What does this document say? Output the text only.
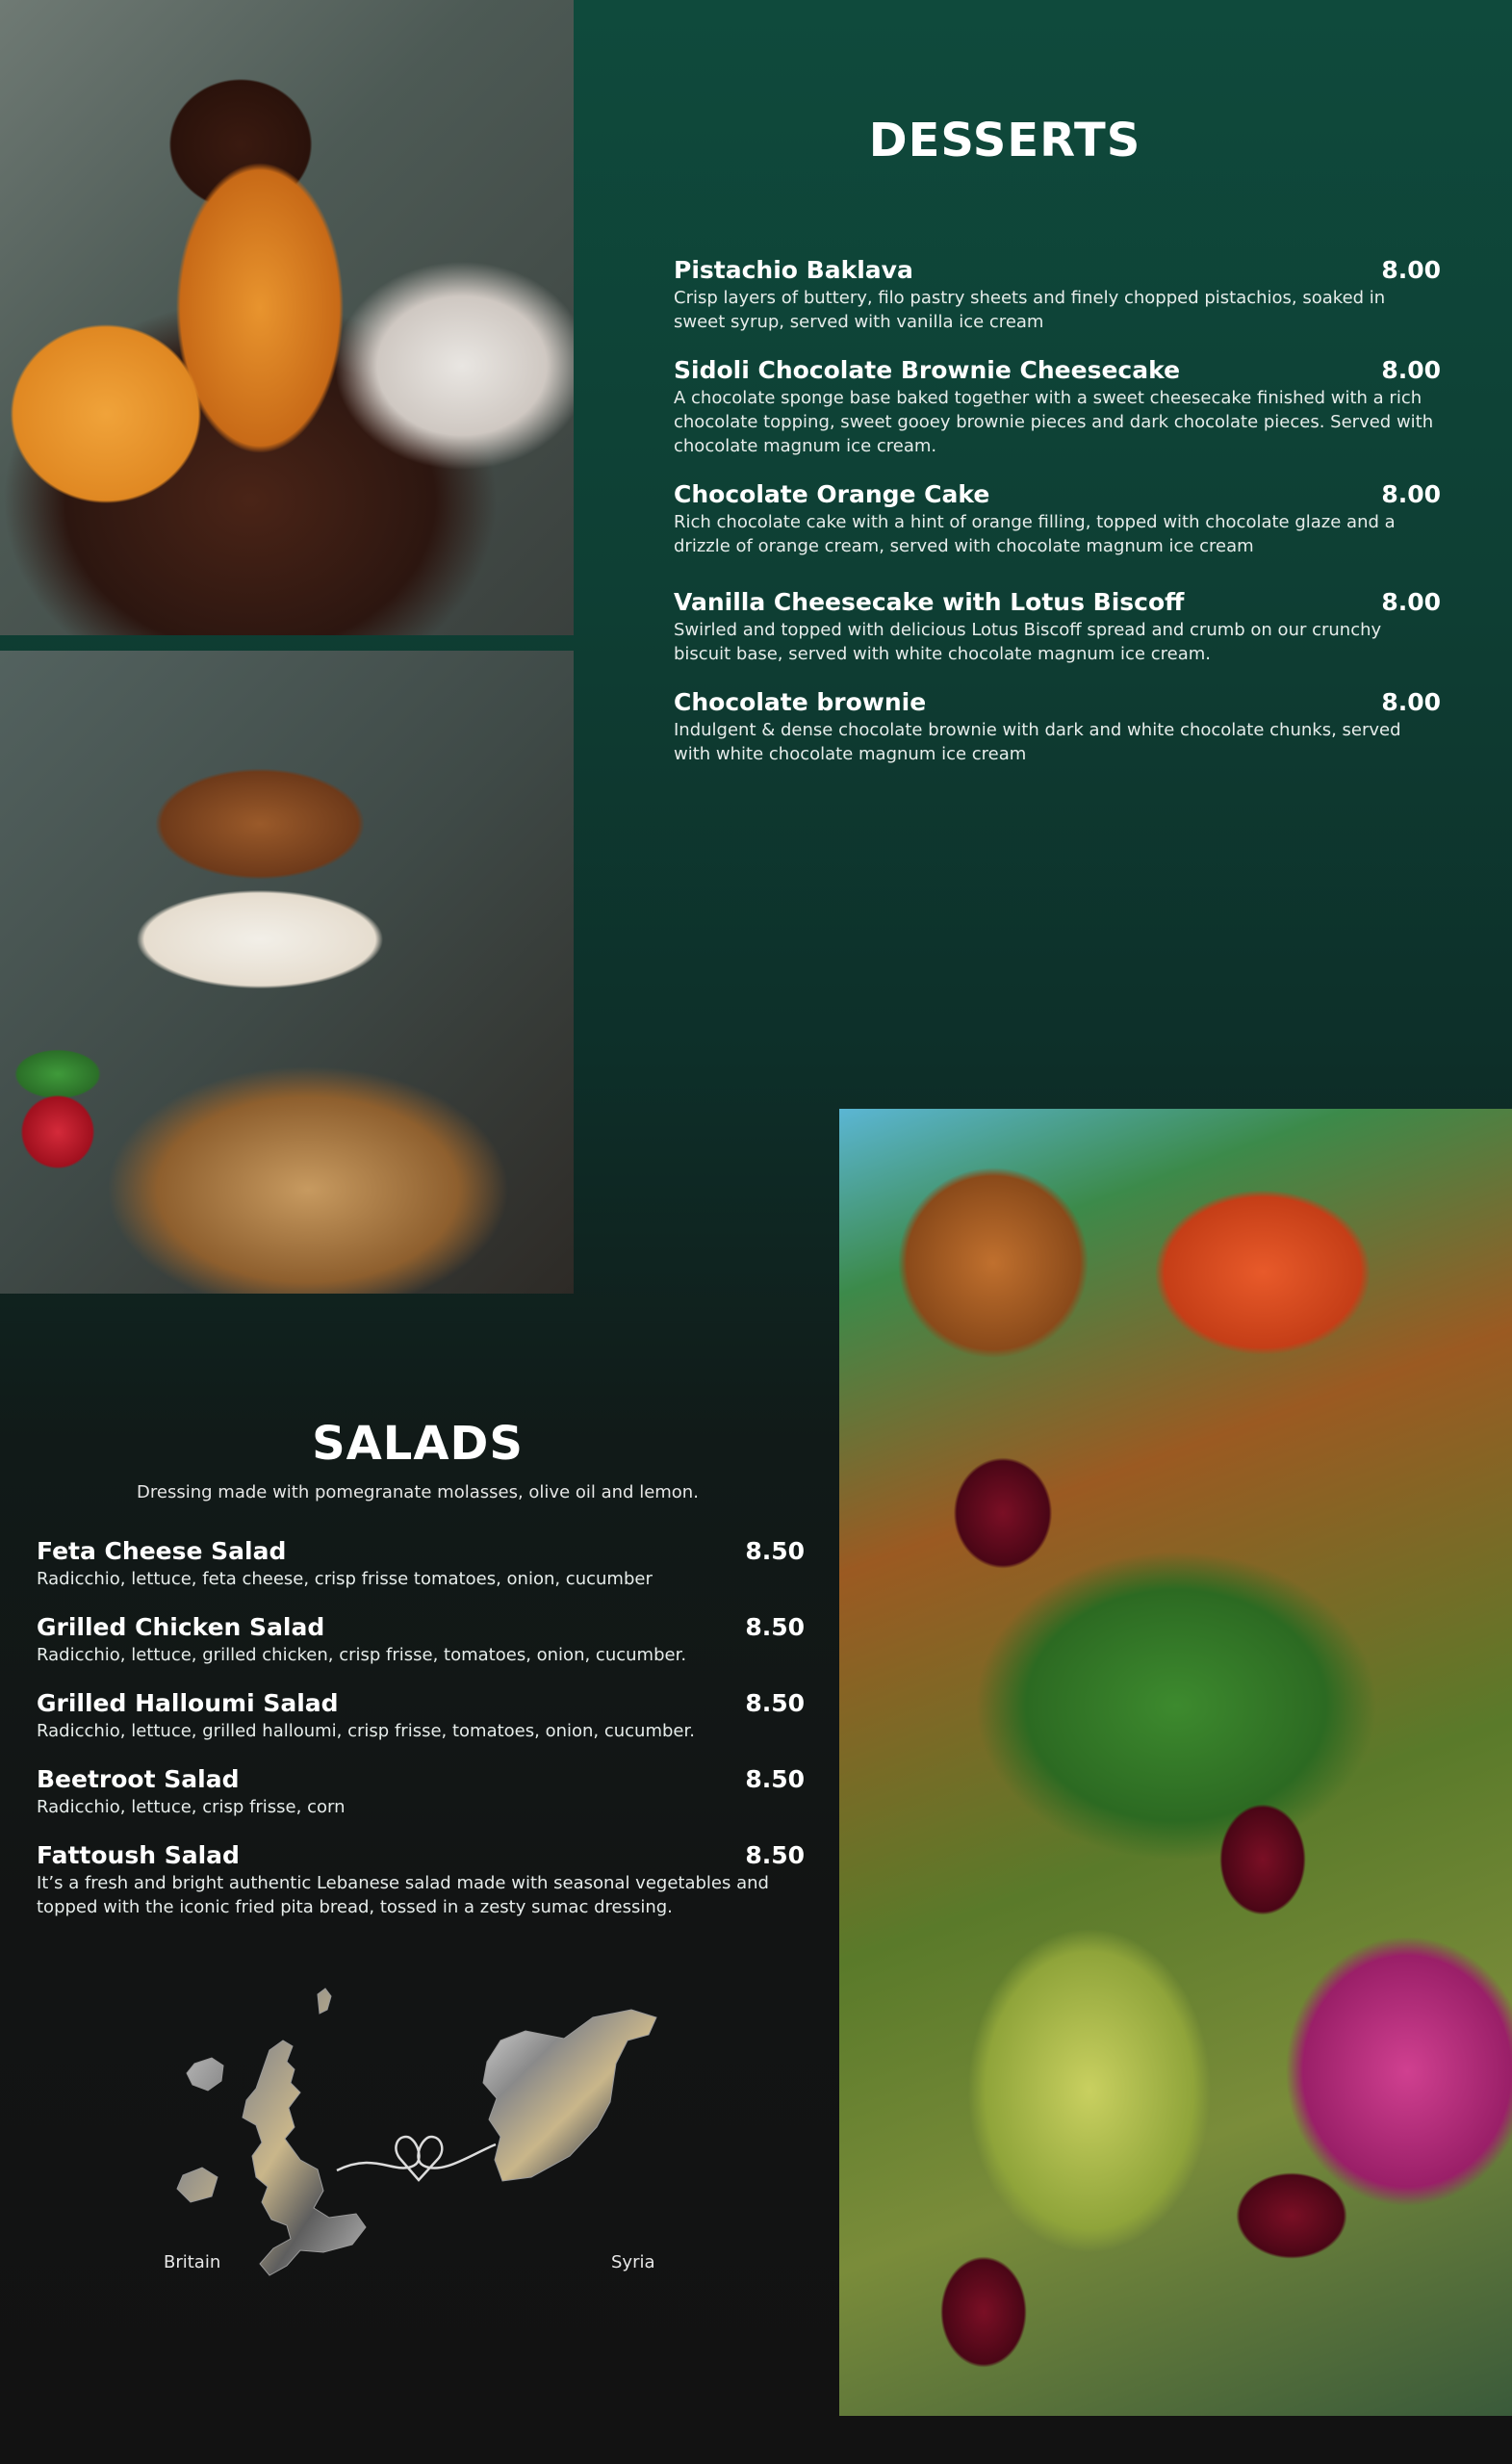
DESSERTS
Pistachio Baklava	8.00
Crisp layers of buttery, filo pastry sheets and finely chopped pistachios, soaked in sweet syrup, served with vanilla ice cream
Sidoli Chocolate Brownie Cheesecake	8.00
A chocolate sponge base baked together with a sweet cheesecake finished with a rich chocolate topping, sweet gooey brownie pieces and dark chocolate pieces. Served with chocolate magnum ice cream.
Chocolate Orange Cake	8.00
Rich chocolate cake with a hint of orange filling, topped with chocolate glaze and a drizzle of orange cream, served with chocolate magnum ice cream
Vanilla Cheesecake with Lotus Biscoff	8.00
Swirled and topped with delicious Lotus Biscoff spread and crumb on our crunchy biscuit base, served with white chocolate magnum ice cream.
Chocolate brownie	8.00
Indulgent & dense chocolate brownie with dark and white chocolate chunks, served with white chocolate magnum ice cream
SALADS
Dressing made with pomegranate molasses, olive oil and lemon.
Feta Cheese Salad	8.50
Radicchio, lettuce, feta cheese, crisp frisse tomatoes, onion, cucumber
Grilled Chicken Salad	8.50
Radicchio, lettuce, grilled chicken, crisp frisse, tomatoes, onion, cucumber.
Grilled Halloumi Salad	8.50
Radicchio, lettuce, grilled halloumi, crisp frisse, tomatoes, onion, cucumber.
Beetroot Salad	8.50
Radicchio, lettuce, crisp frisse, corn
Fattoush Salad	8.50
It’s a fresh and bright authentic Lebanese salad made with seasonal vegetables and topped with the iconic fried pita bread, tossed in a zesty sumac dressing.
Britain	Syria
